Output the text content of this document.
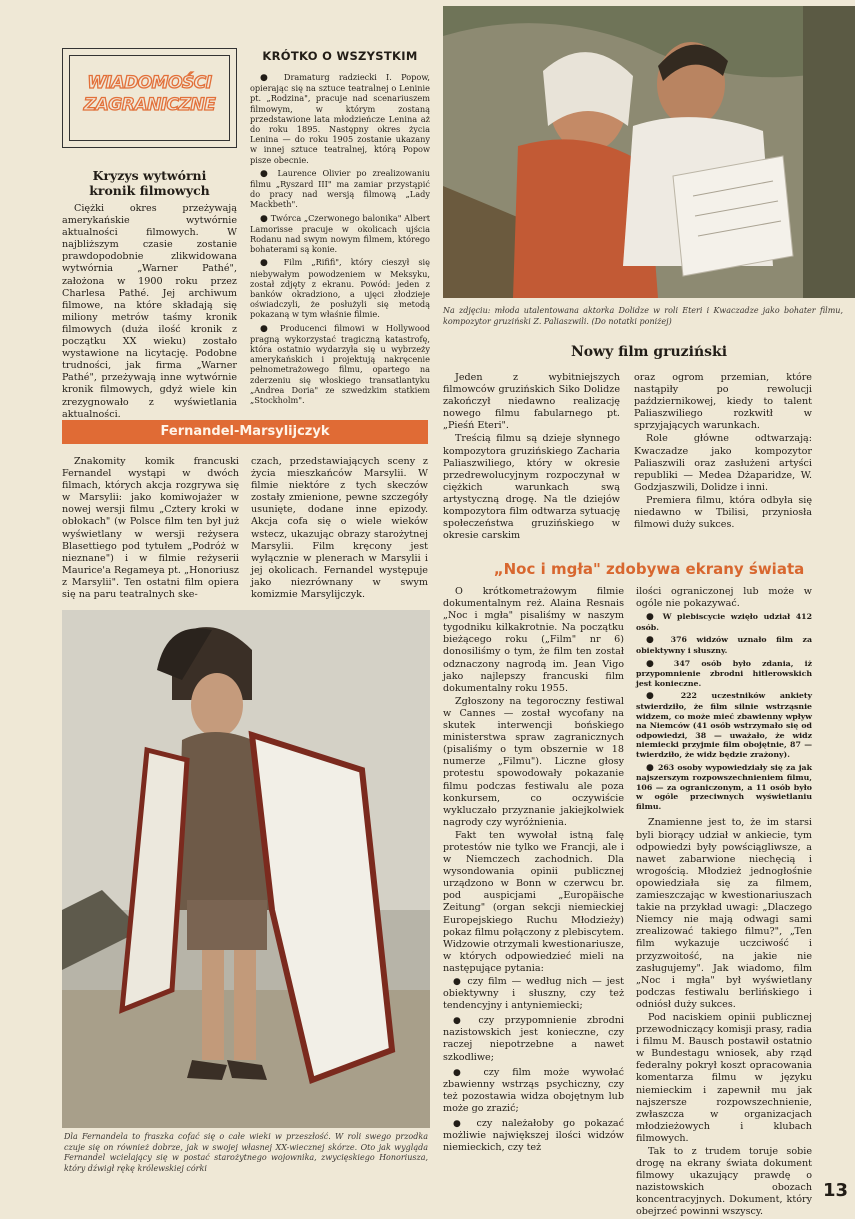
WIADOMOŚCI
ZAGRANICZNE
Kryzys wytwórni
kronik filmowych

Ciężki okres przeżywają amerykańskie wytwórnie aktualności filmowych. W najbliższym czasie zostanie prawdopodobnie zlikwidowana wytwórnia „Warner Pathé", założona w 1900 roku przez Charlesa Pathé. Jej archiwum filmowe, na które składają się miliony metrów taśmy kronik filmowych (duża ilość kronik z początku XX wieku) zostało wystawione na licytację. Podobne trudności, jak firma „Warner Pathé", przeżywają inne wytwórnie kronik filmowych, gdyż wiele kin zrezygnowało z wyświetlania aktualności.

KRÓTKO O WSZYSTKIM

● Dramaturg radziecki I. Popow, opierając się na sztuce teatralnej o Leninie pt. „Rodzina", pracuje nad scenariuszem filmowym, w którym zostaną przedstawione lata młodzieńcze Lenina aż do roku 1895. Następny okres życia Lenina — do roku 1905 zostanie ukazany w innej sztuce teatralnej, którą Popow pisze obecnie.

● Laurence Olivier po zrealizowaniu filmu „Ryszard III" ma zamiar przystąpić do pracy nad wersją filmową „Lady Mackbeth".

● Twórca „Czerwonego balonika" Albert Lamorisse pracuje w okolicach ujścia Rodanu nad swym nowym filmem, którego bohaterami są konie.

● Film „Rififi", który cieszył się niebywałym powodzeniem w Meksyku, został zdjęty z ekranu. Powód: jeden z banków okradziono, a ujęci złodzieje oświadczyli, że posłużyli się metodą pokazaną w tym właśnie filmie.

● Producenci filmowi w Hollywood pragną wykorzystać tragiczną katastrofę, która ostatnio wydarzyła się u wybrzeży amerykańskich i projektują nakręcenie pełnometrażowego filmu, opartego na zderzeniu się włoskiego transatlantyku „Andrea Doria" ze szwedzkim statkiem „Stockholm".

Na zdjęciu: młoda utalentowana aktorka Dolidze w roli Eteri i Kwaczadze jako bohater filmu, kompozytor gruziński Z. Paliaszwili. (Do notatki poniżej)
Nowy film gruziński

Jeden z wybitniejszych filmowców gruzińskich Siko Dolidze zakończył niedawno realizację nowego filmu fabularnego pt. „Pieśń Eteri".

Treścią filmu są dzieje słynnego kompozytora gruzińskiego Zacharia Paliaszwiliego, który w okresie przedrewolucyjnym rozpoczynał w ciężkich warunkach swą artystyczną drogę. Na tle dziejów kompozytora film odtwarza sytuację społeczeństwa gruzińskiego w okresie carskim

oraz ogrom przemian, które nastąpiły po rewolucji październikowej, kiedy to talent Paliaszwiliego rozkwitł w sprzyjających warunkach.

Role główne odtwarzają: Kwaczadze jako kompozytor Paliaszwili oraz zasłużeni artyści republiki — Medea Dżaparidze, W. Godzjaszwili, Dolidze i inni.

Premiera filmu, która odbyła się niedawno w Tbilisi, przyniosła filmowi duży sukces.

Fernandel-Marsylijczyk

Znakomity komik francuski Fernandel wystąpi w dwóch filmach, których akcja rozgrywa się w Marsylii: jako komiwojażer w nowej wersji filmu „Cztery kroki w obłokach" (w Polsce film ten był już wyświetlany w wersji reżysera Blasettiego pod tytułem „Podróż w nieznane") i w filmie reżyserii Maurice'a Regameya pt. „Honoriusz z Marsylii". Ten ostatni film opiera się na paru teatralnych ske-

czach, przedstawiających sceny z życia mieszkańców Marsylii. W filmie niektóre z tych skeczów zostały zmienione, pewne szczegóły usunięte, dodane inne epizody. Akcja cofa się o wiele wieków wstecz, ukazując obrazy starożytnej Marsylii. Film kręcony jest wyłącznie w plenerach w Marsylii i jej okolicach. Fernandel występuje jako niezrównany w swym komizmie Marsylijczyk.

Dla Fernandela to fraszka cofać się o całe wieki w przeszłość. W roli swego przodka czuje się on również dobrze, jak w swojej własnej XX-wiecznej skórze. Oto jak wygląda Fernandel wcielający się w postać starożytnego wojownika, zwycięskiego Honoriusza, który dźwigł rękę królewskiej córki
„Noc i mgła" zdobywa ekrany świata

O krótkometrażowym filmie dokumentalnym reż. Alaina Resnais „Noc i mgła" pisaliśmy w naszym tygodniku kilkakrotnie. Na początku bieżącego roku („Film" nr 6) donosiliśmy o tym, że film ten został odznaczony nagrodą im. Jean Vigo jako najlepszy francuski film dokumentalny roku 1955.

Zgłoszony na tegoroczny festiwal w Cannes — został wycofany na skutek interwencji bońskiego ministerstwa spraw zagranicznych (pisaliśmy o tym obszernie w 18 numerze „Filmu"). Liczne głosy protestu spowodowały pokazanie filmu podczas festiwalu ale poza konkursem, co oczywiście wykluczało przyznanie jakiejkolwiek nagrody czy wyróżnienia.

Fakt ten wywołał istną falę protestów nie tylko we Francji, ale i w Niemczech zachodnich. Dla wysondowania opinii publicznej urządzono w Bonn w czerwcu br. pod auspicjami „Europäische Zeitung" (organ sekcji niemieckiej Europejskiego Ruchu Młodzieży) pokaz filmu połączony z plebiscytem. Widzowie otrzymali kwestionariusze, w których odpowiedzieć mieli na następujące pytania:

● czy film — według nich — jest obiektywny i słuszny, czy też tendencyjny i antyniemiecki;

● czy przypomnienie zbrodni nazistowskich jest konieczne, czy raczej niepotrzebne a nawet szkodliwe;

● czy film może wywołać zbawienny wstrząs psychiczny, czy też pozostawia widza obojętnym lub może go zrazić;

● czy należałoby go pokazać możliwie największej ilości widzów niemieckich, czy też

ilości ograniczonej lub może w ogóle nie pokazywać.

● W plebiscycie wzięło udział 412 osób.

● 376 widzów uznało film za obiektywny i słuszny.

● 347 osób było zdania, iż przypomnienie zbrodni hitlerowskich jest konieczne.

● 222 uczestników ankiety stwierdziło, że film silnie wstrząsnie widzem, co może mieć zbawienny wpływ na Niemców (41 osób wstrzymało się od odpowiedzi, 38 — uważało, że widz niemiecki przyjmie film obojętnie, 87 — twierdziło, że widz będzie zrażony).

● 263 osoby wypowiedziały się za jak najszerszym rozpowszechnieniem filmu, 106 — za ograniczonym, a 11 osób było w ogóle przeciwnych wyświetlaniu filmu.

Znamienne jest to, że im starsi byli biorący udział w ankiecie, tym odpowiedzi były powściągliwsze, a nawet zabarwione niechęcią i wrogością. Młodzież jednogłośnie opowiedziała się za filmem, zamieszczając w kwestionariuszach takie na przykład uwagi: „Dlaczego Niemcy nie mają odwagi sami zrealizować takiego filmu?", „Ten film wykazuje uczciwość i przyzwoitość, na jakie nie zasługujemy". Jak wiadomo, film „Noc i mgła" był wyświetlany podczas festiwalu berlińskiego i odniósł duży sukces.

Pod naciskiem opinii publicznej przewodniczący komisji prasy, radia i filmu M. Bausch postawił ostatnio w Bundestagu wniosek, aby rząd federalny pokrył koszt opracowania komentarza filmu w języku niemieckim i zapewnił mu jak najszersze rozpowszechnienie, zwłaszcza w organizacjach młodzieżowych i klubach filmowych.

Tak to z trudem toruje sobie drogę na ekrany świata dokument filmowy ukazujący prawdę o nazistowskich obozach koncentracyjnych. Dokument, który obejrzeć powinni wszyscy.

13
